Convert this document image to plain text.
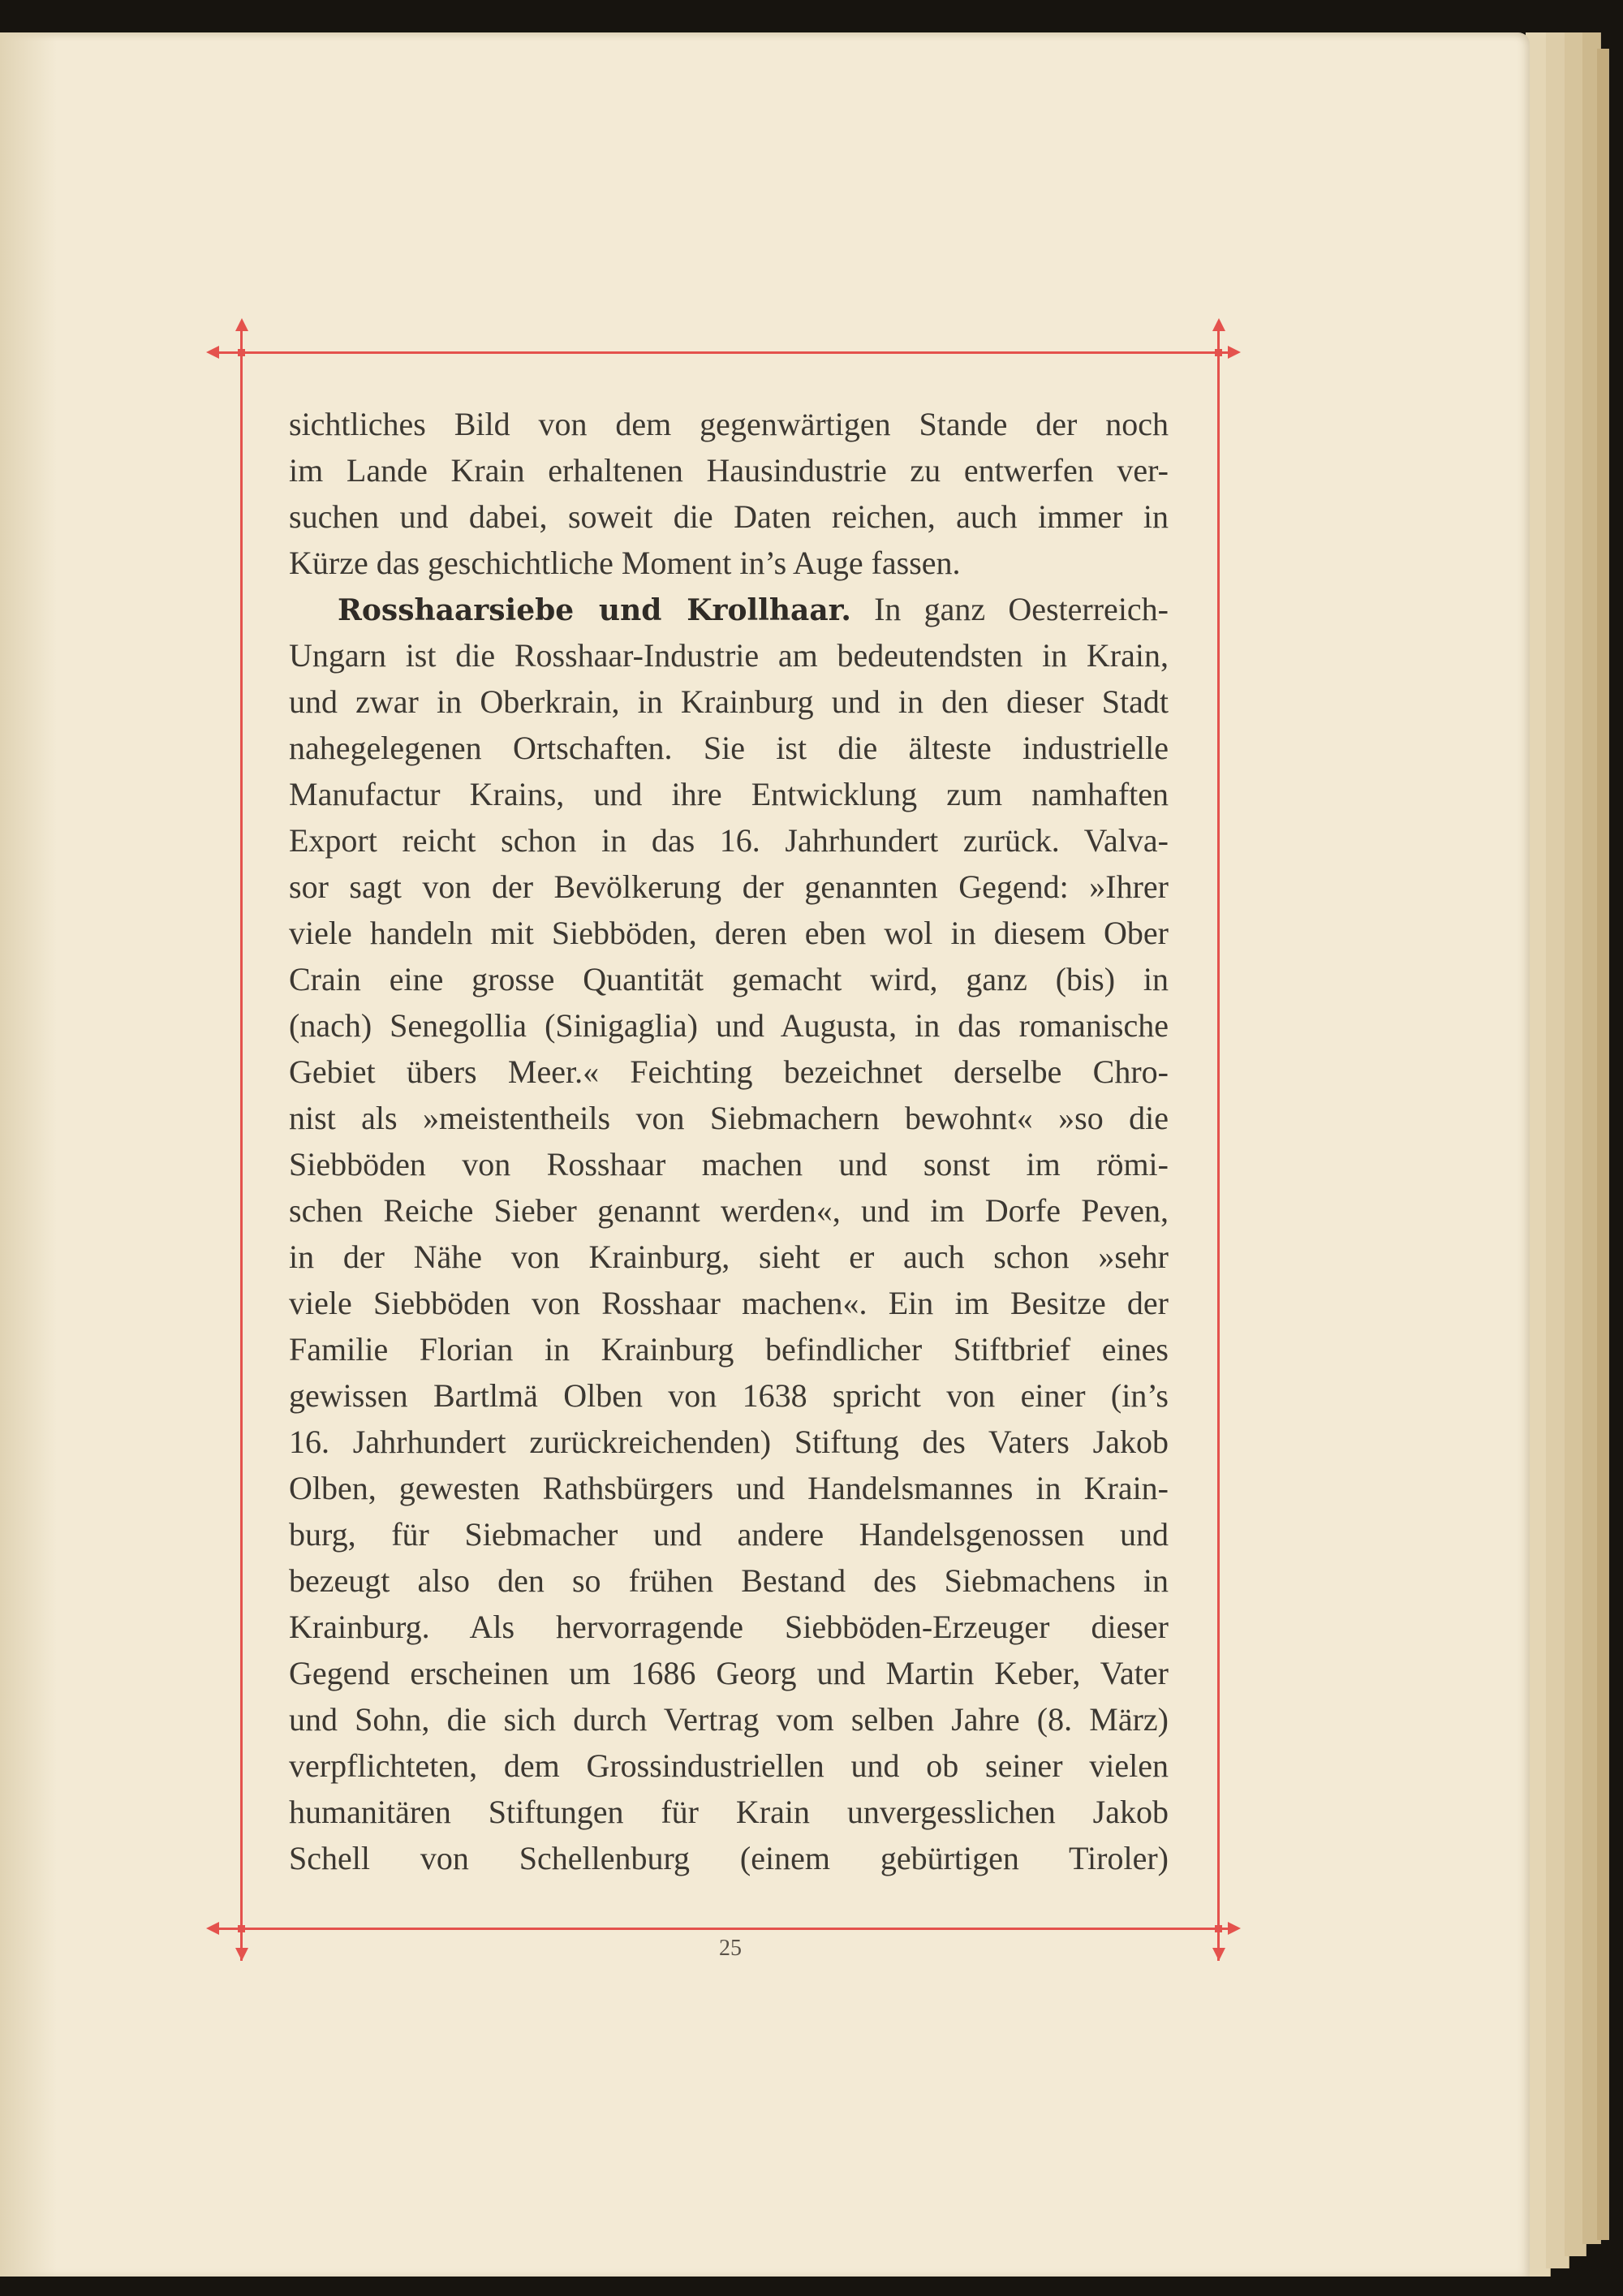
sichtliches Bild von dem gegenwärtigen Stande der noch
im Lande Krain erhaltenen Hausindustrie zu entwerfen ver-
suchen und dabei, soweit die Daten reichen, auch immer in
Kürze das geschichtliche Moment in’s Auge fassen.
Rosshaarsiebe und Krollhaar. In ganz Oesterreich-
Ungarn ist die Rosshaar-Industrie am bedeutendsten in Krain,
und zwar in Oberkrain, in Krainburg und in den dieser Stadt
nahegelegenen Ortschaften. Sie ist die älteste industrielle
Manufactur Krains, und ihre Entwicklung zum namhaften
Export reicht schon in das 16. Jahrhundert zurück. Valva-
sor sagt von der Bevölkerung der genannten Gegend: »Ihrer
viele handeln mit Siebböden, deren eben wol in diesem Ober
Crain eine grosse Quantität gemacht wird, ganz (bis) in
(nach) Senegollia (Sinigaglia) und Augusta, in das romanische
Gebiet übers Meer.« Feichting bezeichnet derselbe Chro-
nist als »meistentheils von Siebmachern bewohnt« »so die
Siebböden von Rosshaar machen und sonst im römi-
schen Reiche Sieber genannt werden«, und im Dorfe Peven,
in der Nähe von Krainburg, sieht er auch schon »sehr
viele Siebböden von Rosshaar machen«. Ein im Besitze der
Familie Florian in Krainburg befindlicher Stiftbrief eines
gewissen Bartlmä Olben von 1638 spricht von einer (in’s
16. Jahrhundert zurückreichenden) Stiftung des Vaters Jakob
Olben, gewesten Rathsbürgers und Handelsmannes in Krain-
burg, für Siebmacher und andere Handelsgenossen und
bezeugt also den so frühen Bestand des Siebmachens in
Krainburg. Als hervorragende Siebböden-Erzeuger dieser
Gegend erscheinen um 1686 Georg und Martin Keber, Vater
und Sohn, die sich durch Vertrag vom selben Jahre (8. März)
verpflichteten, dem Grossindustriellen und ob seiner vielen
humanitären Stiftungen für Krain unvergesslichen Jakob
Schell von Schellenburg (einem gebürtigen Tiroler)
25
